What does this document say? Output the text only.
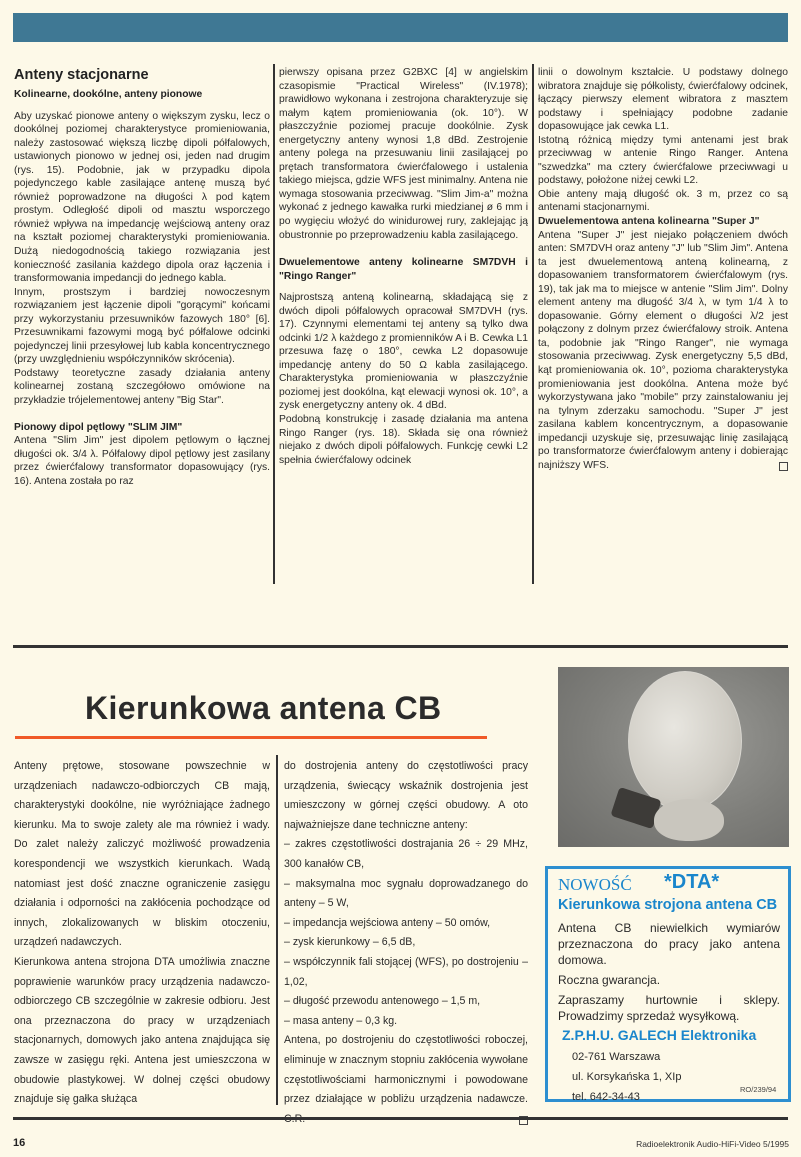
Anteny stacjonarne
Kolinearne, dookólne, anteny pionowe

Aby uzyskać pionowe anteny o większym zysku, lecz o dookólnej poziomej charakterystyce promieniowania, należy zastosować większą liczbę dipoli półfalowych, ustawionych pionowo w jednej osi, jeden nad drugim (rys. 15). Podobnie, jak w przypadku dipola pojedynczego kable zasilające antenę muszą być również poprowadzone na długości λ pod kątem prostym. Odległość dipoli od masztu wsporczego również wpływa na impedancję wejściową anteny oraz na kształt poziomej charakterystyki promieniowania. Dużą niedogodnością takiego rozwiązania jest konieczność zasilania każdego dipola oraz łączenia i transformowania impedancji do jednego kabla.

Innym, prostszym i bardziej nowoczesnym rozwiązaniem jest łączenie dipoli "gorącymi" końcami przy wykorzystaniu przesuwników fazowych 180° [6]. Przesuwnikami fazowymi mogą być półfalowe odcinki pojedynczej linii przesyłowej lub kabla koncentrycznego (przy uwzględnieniu współczynników skrócenia).

Podstawy teoretyczne zasady działania anteny kolinearnej zostaną szczegółowo omówione na przykładzie trójelementowej anteny "Big Star".

Pionowy dipol pętlowy "SLIM JIM"

Antena "Slim Jim" jest dipolem pętlowym o łącznej długości ok. 3/4 λ. Półfalowy dipol pętlowy jest zasilany przez ćwierćfalowy transformator dopasowujący (rys. 16). Antena została po raz

pierwszy opisana przez G2BXC [4] w angielskim czasopismie "Practical Wireless" (IV.1978); prawidłowo wykonana i zestrojona charakteryzuje się małym kątem promieniowania (ok. 10°). W płaszczyźnie poziomej pracuje dookólnie. Zysk energetyczny anteny wynosi 1,8 dBd. Zestrojenie anteny polega na przesuwaniu linii zasilającej po prętach transformatora ćwierćfalowego i ustalenia takiego miejsca, gdzie WFS jest minimalny. Antena nie wymaga stosowania przeciwwag. "Slim Jim-a" można wykonać z jednego kawałka rurki miedzianej ø 6 mm i po wygięciu włożyć do winidurowej rury, zaklejając ją obustronnie po przeprowadzeniu kabla zasilającego.

Dwuelementowe anteny kolinearne SM7DVH i "Ringo Ranger"

Najprostszą anteną kolinearną, składającą się z dwóch dipoli półfalowych opracował SM7DVH (rys. 17). Czynnymi elementami tej anteny są tylko dwa odcinki 1/2 λ każdego z promienników A i B. Cewka L1 przesuwa fazę o 180°, cewka L2 dopasowuje impedancję anteny do 50 Ω kabla zasilającego. Charakterystyka promieniowania w płaszczyźnie poziomej jest dookólna, kąt elewacji wynosi ok. 10°, a zysk energetyczny anteny ok. 4 dBd.

Podobną konstrukcję i zasadę działania ma antena Ringo Ranger (rys. 18). Składa się ona również niejako z dwóch dipoli półfalowych. Funkcję cewki L2 spełnia ćwierćfalowy odcinek

linii o dowolnym kształcie. U podstawy dolnego wibratora znajduje się półkolisty, ćwierćfalowy odcinek, łączący pierwszy element wibratora z masztem podstawy i spełniający podobne zadanie dopasowujące jak cewka L1.

Istotną różnicą między tymi antenami jest brak przeciwwag w antenie Ringo Ranger. Antena "szwedzka" ma cztery ćwierćfalowe przeciwwagi u podstawy, położone niżej cewki L2.

Obie anteny mają długość ok. 3 m, przez co są antenami stacjonarnymi.

Dwuelementowa antena kolinearna "Super J"

Antena "Super J" jest niejako połączeniem dwóch anten: SM7DVH oraz anteny "J" lub "Slim Jim". Antena ta jest dwuelementową anteną kolinearną, z dopasowaniem transformatorem ćwierćfalowym (rys. 19), tak jak ma to miejsce w antenie "Slim Jim". Dolny element anteny ma długość 3/4 λ, w tym 1/4 λ to dopasowanie. Górny element o długości λ/2 jest połączony z dolnym przez ćwierćfalowy stroik. Antena ta, podobnie jak "Ringo Ranger", nie wymaga stosowania przeciwwag. Zysk energetyczny 5,5 dBd, kąt promieniowania ok. 10°, pozioma charakterystyka promieniowania jest dookólna. Antena może być wykorzystywana jako "mobile" przy zainstalowaniu jej na tylnym zderzaku samochodu. "Super J" jest zasilana kablem koncentrycznym, a dopasowanie impedancji uzyskuje się, przesuwając linię zasilającą po transformatorze ćwierćfalowym anteny i dobierając najniższy WFS.

Kierunkowa antena CB

Anteny prętowe, stosowane powszechnie w urządzeniach nadawczo-odbiorczych CB mają, charakterystyki dookólne, nie wyróżniające żadnego kierunku. Ma to swoje zalety ale ma również i wady. Do zalet należy zaliczyć możliwość prowadzenia korespondencji we wszystkich kierunkach. Wadą natomiast jest dość znaczne ograniczenie zasięgu działania i odporności na zakłócenia pochodzące od innych, zlokalizowanych w bliskim otoczeniu, urządzeń nadawczych.

Kierunkowa antena strojona DTA umożliwia znaczne poprawienie warunków pracy urządzenia nadawczo-odbiorczego CB szczególnie w zakresie odbioru. Jest ona przeznaczona do pracy w urządzeniach stacjonarnych, domowych jako antena znajdująca się zawsze w zasięgu ręki. Antena jest umieszczona w obudowie plastykowej. W dolnej części obudowy znajduje się gałka służąca

do dostrojenia anteny do częstotliwości pracy urządzenia, świecący wskaźnik dostrojenia jest umieszczony w górnej części obudowy. A oto najważniejsze dane techniczne anteny:

– zakres częstotliwości dostrajania 26 ÷ 29 MHz, 300 kanałów CB,

– maksymalna moc sygnału doprowadzanego do anteny – 5 W,

– impedancja wejściowa anteny – 50 omów,

– zysk kierunkowy – 6,5 dB,

– współczynnik fali stojącej (WFS), po dostrojeniu – 1,02,

– długość przewodu antenowego – 1,5 m,

– masa anteny – 0,3 kg.

Antena, po dostrojeniu do częstotliwości roboczej, eliminuje w znacznym stopniu zakłócenia wywołane częstotliwościami harmonicznymi i powodowane przez działające w pobliżu urządzenia nadawcze.

NOWOŚĆ *DTA*
Kierunkowa strojona antena CB

Antena CB niewielkich wymiarów przeznaczona do pracy jako antena domowa.

Roczna gwarancja.

Zapraszamy hurtownie i sklepy. Prowadzimy sprzedaż wysyłkową.

Z.P.H.U. GALECH Elektronika
02-761 Warszawa
ul. Korsykańska 1, XIp
tel. 642-34-43
RO/239/94
16	Radioelektronik Audio-HiFi-Video 5/1995
